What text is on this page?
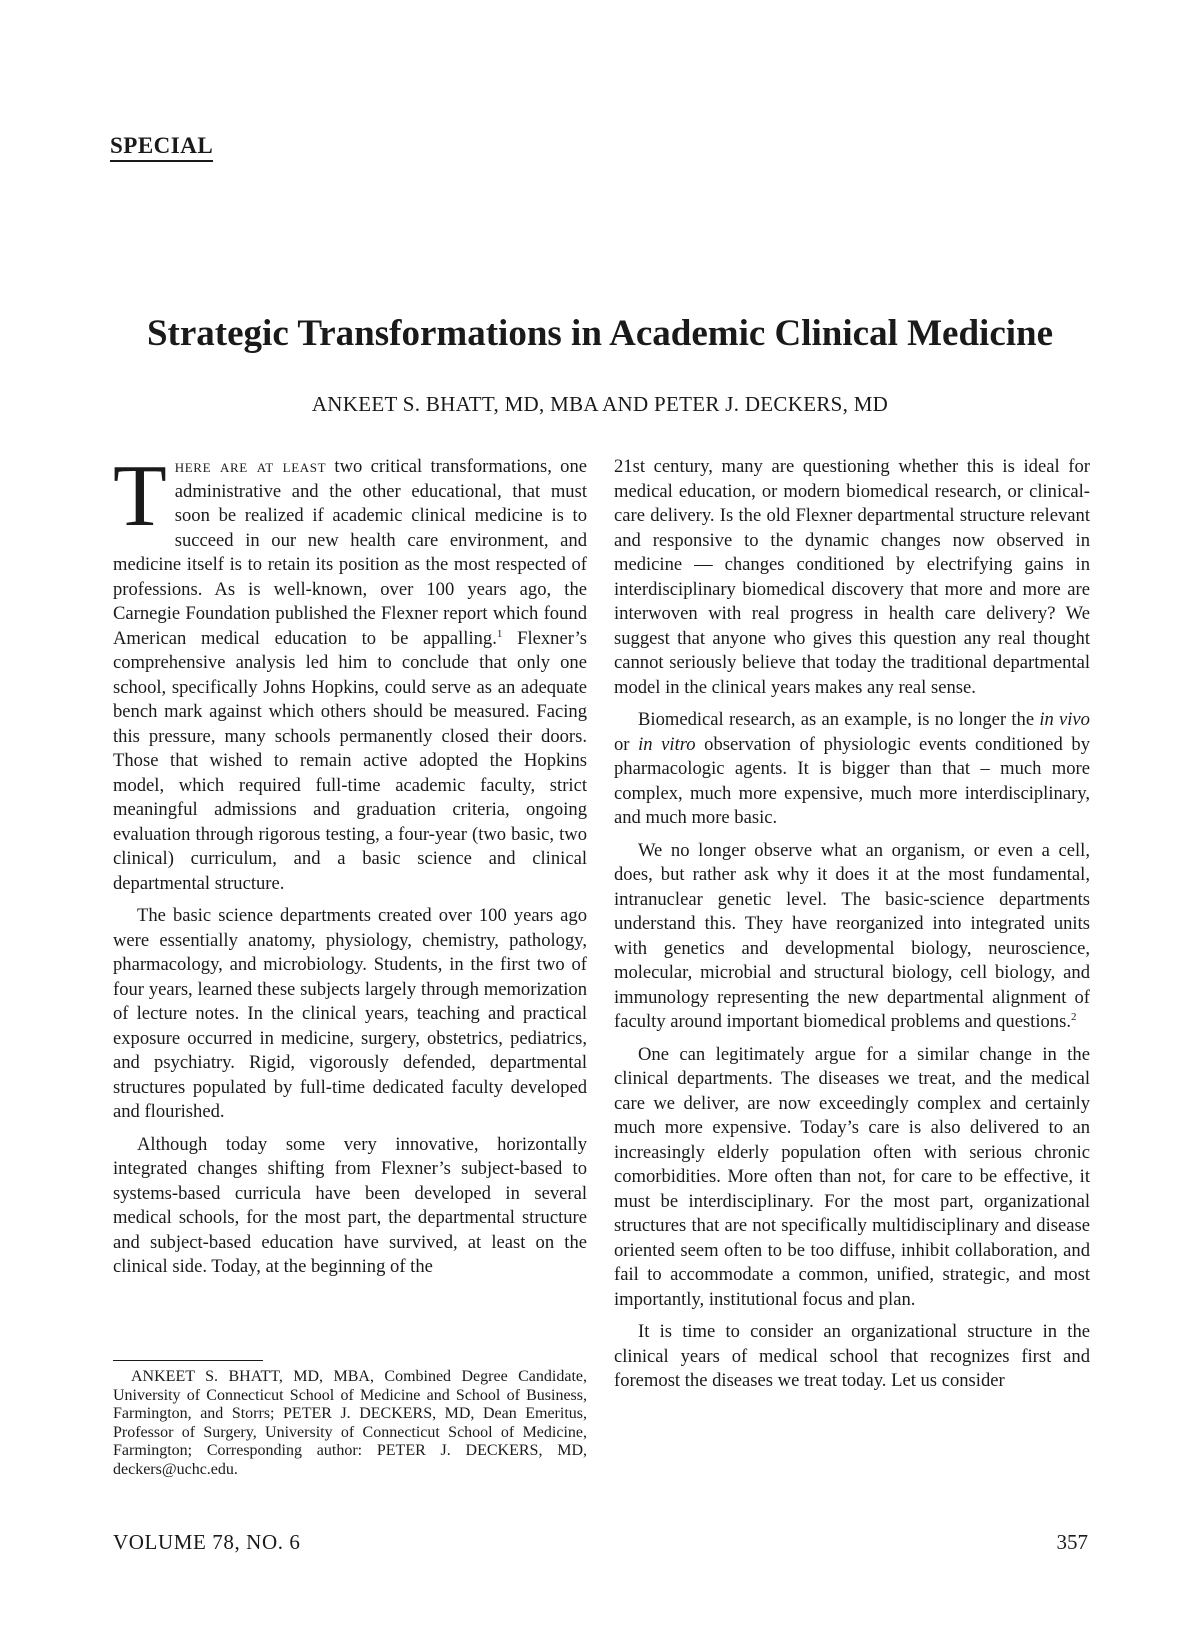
SPECIAL
Strategic Transformations in Academic Clinical Medicine
ANKEET S. BHATT, MD, MBA AND PETER J. DECKERS, MD

There are at least two critical transformations, one administrative and the other educational, that must soon be realized if academic clinical medicine is to succeed in our new health care environment, and medicine itself is to retain its position as the most respected of professions. As is well-known, over 100 years ago, the Carnegie Foundation published the Flexner report which found American medical education to be appalling.$^1$ Flexner’s comprehensive analysis led him to conclude that only one school, specifically Johns Hopkins, could serve as an adequate bench mark against which others should be measured. Facing this pressure, many schools permanently closed their doors. Those that wished to remain active adopted the Hopkins model, which required full-time academic faculty, strict meaningful admissions and graduation criteria, ongoing evaluation through rigorous testing, a four-year (two basic, two clinical) curriculum, and a basic science and clinical departmental structure.

The basic science departments created over 100 years ago were essentially anatomy, physiology, chemistry, pathology, pharmacology, and microbiology. Students, in the first two of four years, learned these subjects largely through memorization of lecture notes. In the clinical years, teaching and practical exposure occurred in medicine, surgery, obstetrics, pediatrics, and psychiatry. Rigid, vigorously defended, departmental structures populated by full-time dedicated faculty developed and flourished.

Although today some very innovative, horizontally integrated changes shifting from Flexner’s subject-based to systems-based curricula have been developed in several medical schools, for the most part, the departmental structure and subject-based education have survived, at least on the clinical side. Today, at the beginning of the

21st century, many are questioning whether this is ideal for medical education, or modern biomedical research, or clinical-care delivery. Is the old Flexner departmental structure relevant and responsive to the dynamic changes now observed in medicine — changes conditioned by electrifying gains in interdisciplinary biomedical discovery that more and more are interwoven with real progress in health care delivery? We suggest that anyone who gives this question any real thought cannot seriously believe that today the traditional departmental model in the clinical years makes any real sense.

Biomedical research, as an example, is no longer the in vivo or in vitro observation of physiologic events conditioned by pharmacologic agents. It is bigger than that – much more complex, much more expensive, much more interdisciplinary, and much more basic.

We no longer observe what an organism, or even a cell, does, but rather ask why it does it at the most fundamental, intranuclear genetic level. The basic-science departments understand this. They have reorganized into integrated units with genetics and developmental biology, neuroscience, molecular, microbial and structural biology, cell biology, and immunology representing the new departmental alignment of faculty around important biomedical problems and questions.$^2$

One can legitimately argue for a similar change in the clinical departments. The diseases we treat, and the medical care we deliver, are now exceedingly complex and certainly much more expensive. Today’s care is also delivered to an increasingly elderly population often with serious chronic comorbidities. More often than not, for care to be effective, it must be interdisciplinary. For the most part, organizational structures that are not specifically multidisciplinary and disease oriented seem often to be too diffuse, inhibit collaboration, and fail to accommodate a common, unified, strategic, and most importantly, institutional focus and plan.

It is time to consider an organizational structure in the clinical years of medical school that recognizes first and foremost the diseases we treat today. Let us consider

ANKEET S. BHATT, MD, MBA, Combined Degree Candidate, University of Connecticut School of Medicine and School of Business, Farmington, and Storrs; PETER J. DECKERS, MD, Dean Emeritus, Professor of Surgery, University of Connecticut School of Medicine, Farmington; Corresponding author: PETER J. DECKERS, MD, deckers@uchc.edu.

VOLUME 78, NO. 6	357
